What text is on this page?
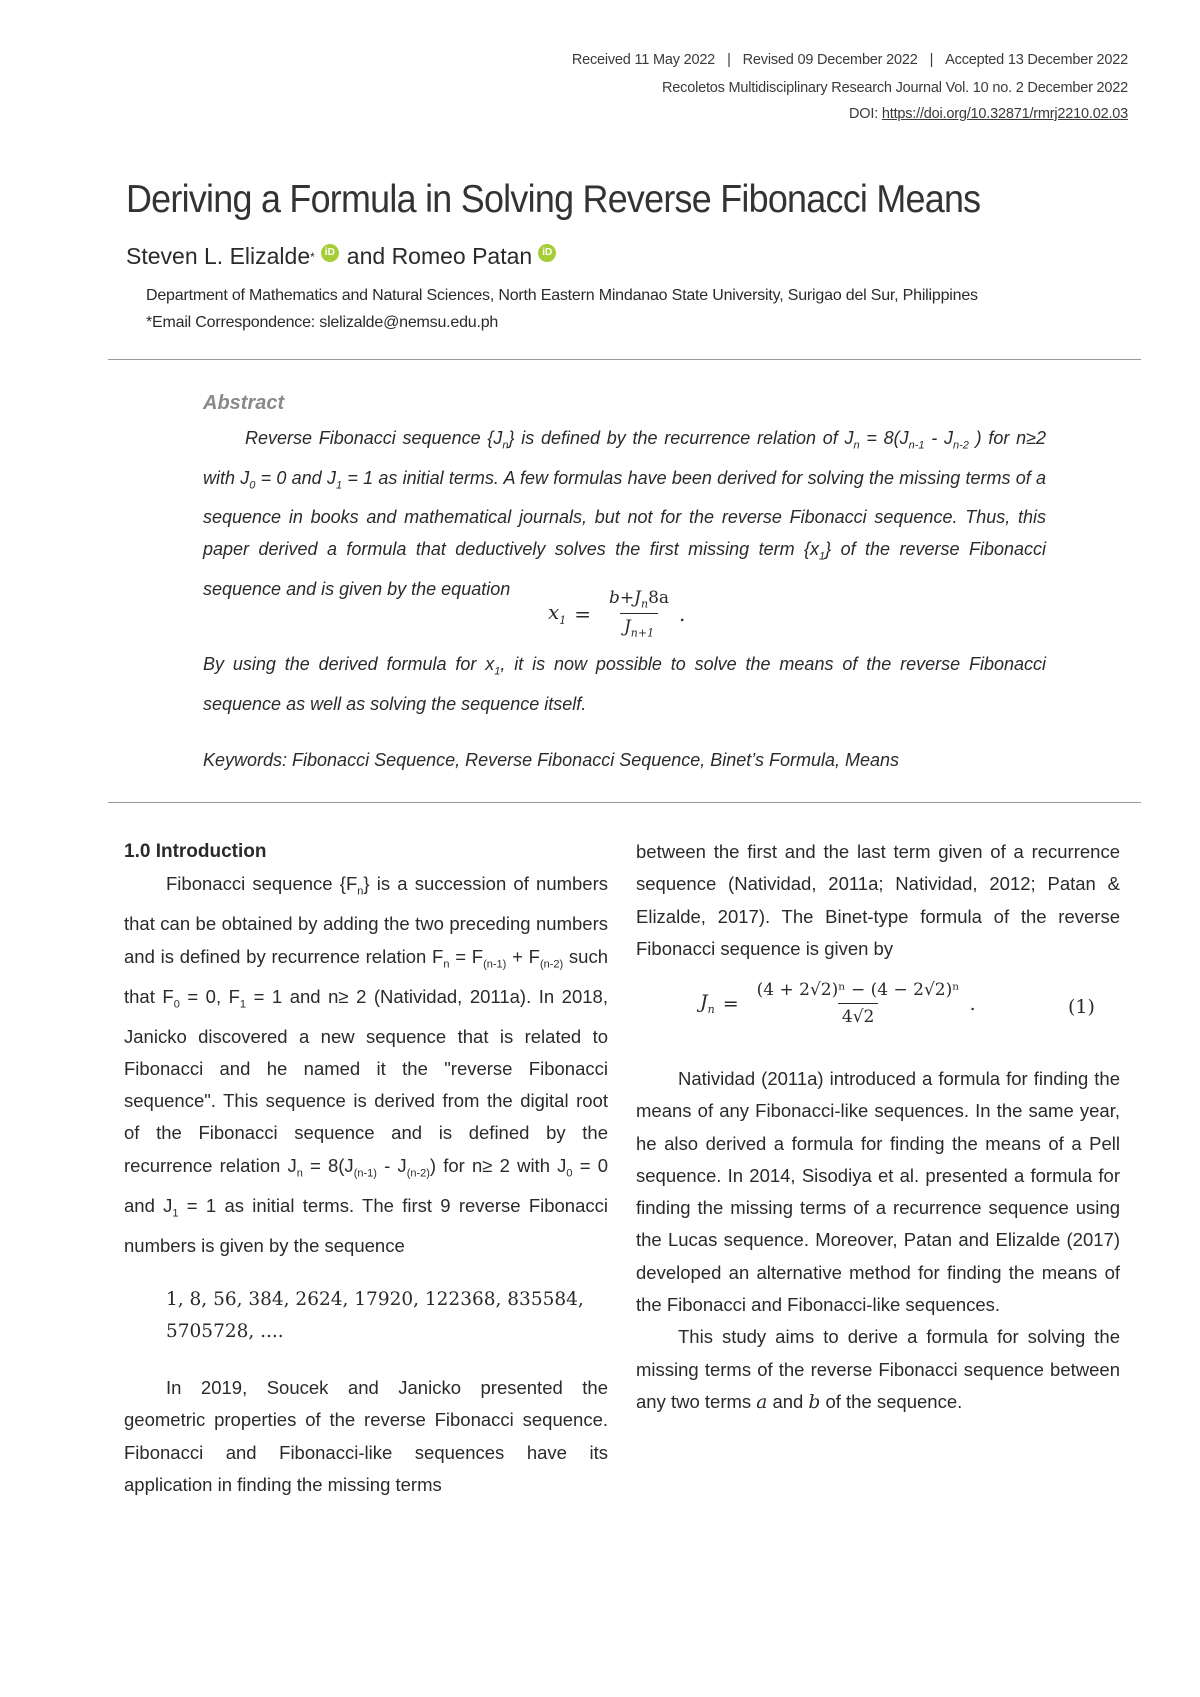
Received 11 May 2022 | Revised 09 December 2022 | Accepted 13 December 2022
Recoletos Multidisciplinary Research Journal Vol. 10 no. 2 December 2022
DOI: https://doi.org/10.32871/rmrj2210.02.03
Deriving a Formula in Solving Reverse Fibonacci Means
Steven L. Elizalde *	iD and
Romeo Patan	iD
Department of Mathematics and Natural Sciences, North Eastern Mindanao State University, Surigao del Sur, Philippines
*Email Correspondence: slelizalde@nemsu.edu.ph
Abstract

Reverse Fibonacci sequence $\{J_n\}$ is defined by the recurrence relation of $J_n = 8(J_{n-1} - J_{n-2}$ ) for n≥2 with $J_0 = 0$ and $J_1 = 1$ as initial terms. A few formulas have been derived for solving the missing terms of a sequence in books and mathematical journals, but not for the reverse Fibonacci sequence. Thus, this paper derived a formula that deductively solves the first missing term $\{x_1\}$ of the reverse Fibonacci sequence and is given by the equation

$x_1 = \frac{b+J_n8a}{J_{n+1}}$ .

By using the derived formula for $x_1$, it is now possible to solve the means of the reverse Fibonacci sequence as well as solving the sequence itself.

Keywords: Fibonacci Sequence, Reverse Fibonacci Sequence, Binet’s Formula, Means

1.0 Introduction

Fibonacci sequence $\{F_n\}$ is a succession of numbers that can be obtained by adding the two preceding numbers and is defined by recurrence relation $F_n = F_{(n-1)} + F_{(n-2)}$ such that $F_0 = 0$, $F_1 = 1$ and n≥ 2 (Natividad, 2011a). In 2018, Janicko discovered a new sequence that is related to Fibonacci and he named it the "reverse Fibonacci sequence". This sequence is derived from the digital root of the Fibonacci sequence and is defined by the recurrence relation $J_n = 8(J_{(n-1)} - J_{(n-2)})$ for n≥ 2 with $J_0 = 0$ and $J_1 = 1$ as initial terms. The first 9 reverse Fibonacci numbers is given by the sequence

1, 8, 56, 384, 2624, 17920, 122368, 835584,
5705728, ....

In 2019, Soucek and Janicko presented the geometric properties of the reverse Fibonacci sequence. Fibonacci and Fibonacci-like sequences have its application in finding the missing terms

between the first and the last term given of a recurrence sequence (Natividad, 2011a; Natividad, 2012; Patan & Elizalde, 2017). The Binet-type formula of the reverse Fibonacci sequence is given by

$J_n = \frac{\text{(4 + 2√2)ⁿ − (4 − 2√2)ⁿ}}{4√2}$ .	(1)

Natividad (2011a) introduced a formula for finding the means of any Fibonacci-like sequences. In the same year, he also derived a formula for finding the means of a Pell sequence. In 2014, Sisodiya et al. presented a formula for finding the missing terms of a recurrence sequence using the Lucas sequence. Moreover, Patan and Elizalde (2017) developed an alternative method for finding the means of the Fibonacci and Fibonacci-like sequences.

This study aims to derive a formula for solving the missing terms of the reverse Fibonacci sequence between any two terms a and b of the sequence.
